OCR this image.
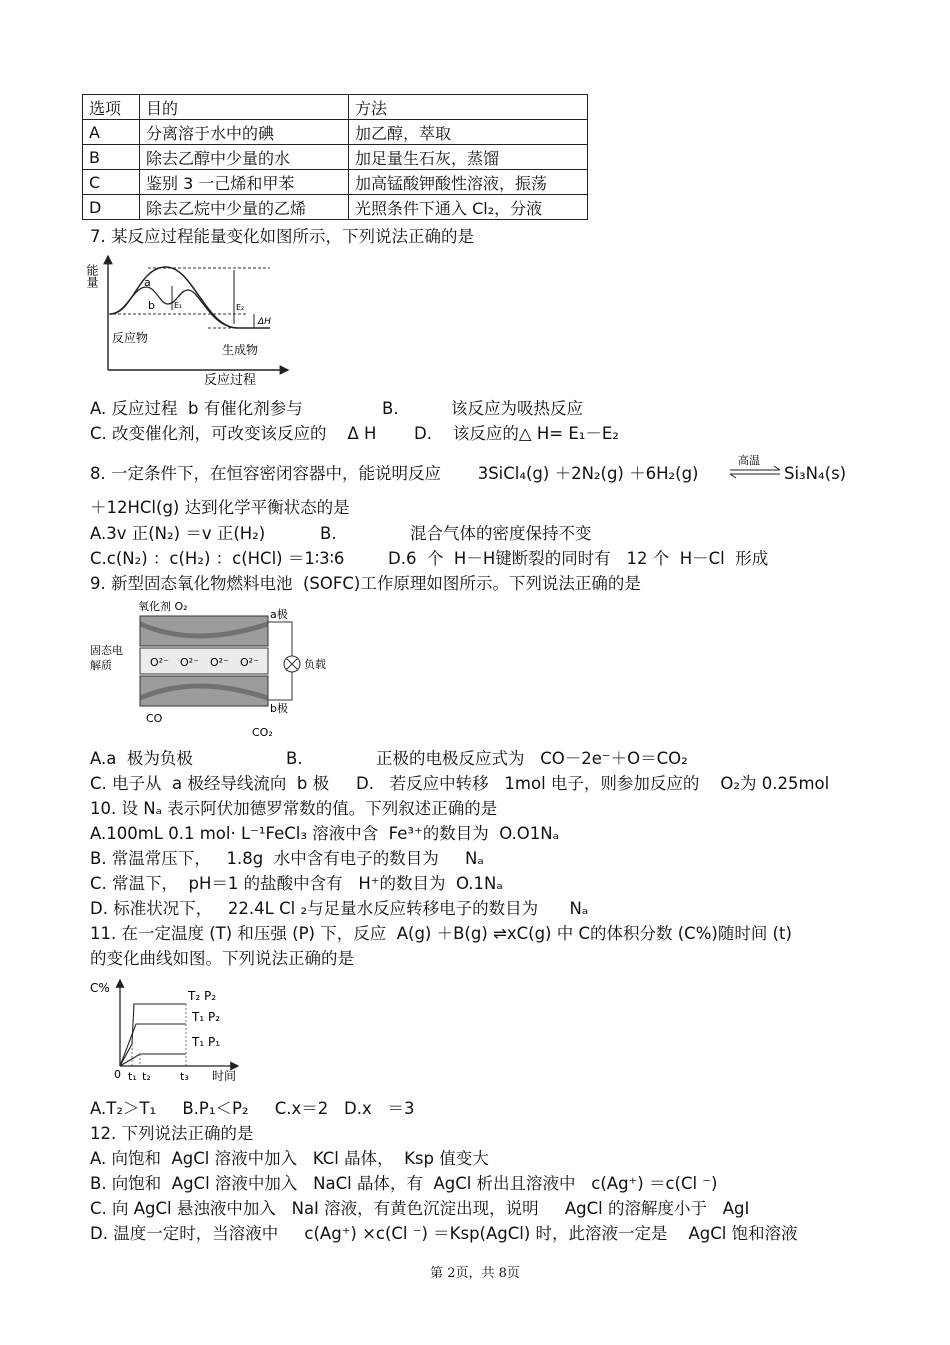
选项	目的	方法
A	分离溶于水中的碘	加乙醇，萃取
B	除去乙醇中少量的水	加足量生石灰，蒸馏
C	鉴别 3 一己烯和甲苯	加高锰酸钾酸性溶液，振荡
D	除去乙烷中少量的乙烯	光照条件下通入 Cl₂，分液
7. 某反应过程能量变化如图所示，下列说法正确的是
能量	a
b E₁	E₂
ΔH
反应物
生成物
反应过程
A. 反应过程  b 有催化剂参与	B.          该反应为吸热反应
C. 改变催化剂，可改变该反应的    Δ H D.    该反应的△ H= E₁－E₂
8. 一定条件下，在恒容密闭容器中，能说明反应       3SiCl₄(g) ＋2N₂(g) ＋6H₂(g)
高温
Si₃N₄(s)
＋12HCl(g) 达到化学平衡状态的是
A.3v 正(N₂) ＝v 正(H₂)	B.              混合气体的密度保持不变
C.c(N₂) ：c(H₂) ：c(HCl) ＝1∶3∶6	D.6  个  H－H键断裂的同时有   12 个  H－Cl  形成
9. 新型固态氧化物燃料电池  (SOFC)工作原理如图所示。下列说法正确的是
氧化剂 O₂
O²⁻ O²⁻ O²⁻ O²⁻
固态电
解质
a极
b极
负载
CO
CO₂
A.a  极为负极	B.              正极的电极反应式为   CO－2e⁻＋O＝CO₂
C. 电子从  a 极经导线流向  b 极 D.   若反应中转移   1mol 电子，则参加反应的    O₂为 0.25mol
10. 设 Nₐ 表示阿伏加德罗常数的值。下列叙述正确的是
A.100mL 0.1 mol· L⁻¹FeCl₃ 溶液中含  Fe³⁺的数目为  O.O1Nₐ
B. 常温常压下，   1.8g  水中含有电子的数目为     Nₐ
C. 常温下，  pH＝1 的盐酸中含有   H⁺的数目为  O.1Nₐ
D. 标准状况下，   22.4L Cl ₂与足量水反应转移电子的数目为      Nₐ
11. 在一定温度 (T) 和压强 (P) 下，反应  A(g) ＋B(g) ⇌xC(g) 中 C的体积分数 (C%)随时间 (t)
的变化曲线如图。下列说法正确的是
C%
T₂ P₂
T₁ P₂
T₁ P₁
0 t₁ t₂	t₃ 时间
A.T₂＞T₁     B.P₁＜P₂     C.x＝2   D.x   ＝3
12. 下列说法正确的是
A. 向饱和  AgCl 溶液中加入   KCl 晶体，  Ksp 值变大
B. 向饱和  AgCl 溶液中加入   NaCl 晶体，有  AgCl 析出且溶液中   c(Ag⁺) ＝c(Cl ⁻)
C. 向 AgCl 悬浊液中加入   NaI 溶液，有黄色沉淀出现，说明     AgCl 的溶解度小于   AgI
D. 温度一定时，当溶液中     c(Ag⁺) ×c(Cl ⁻) ＝Ksp(AgCl) 时，此溶液一定是    AgCl 饱和溶液
第 2页，共 8页
